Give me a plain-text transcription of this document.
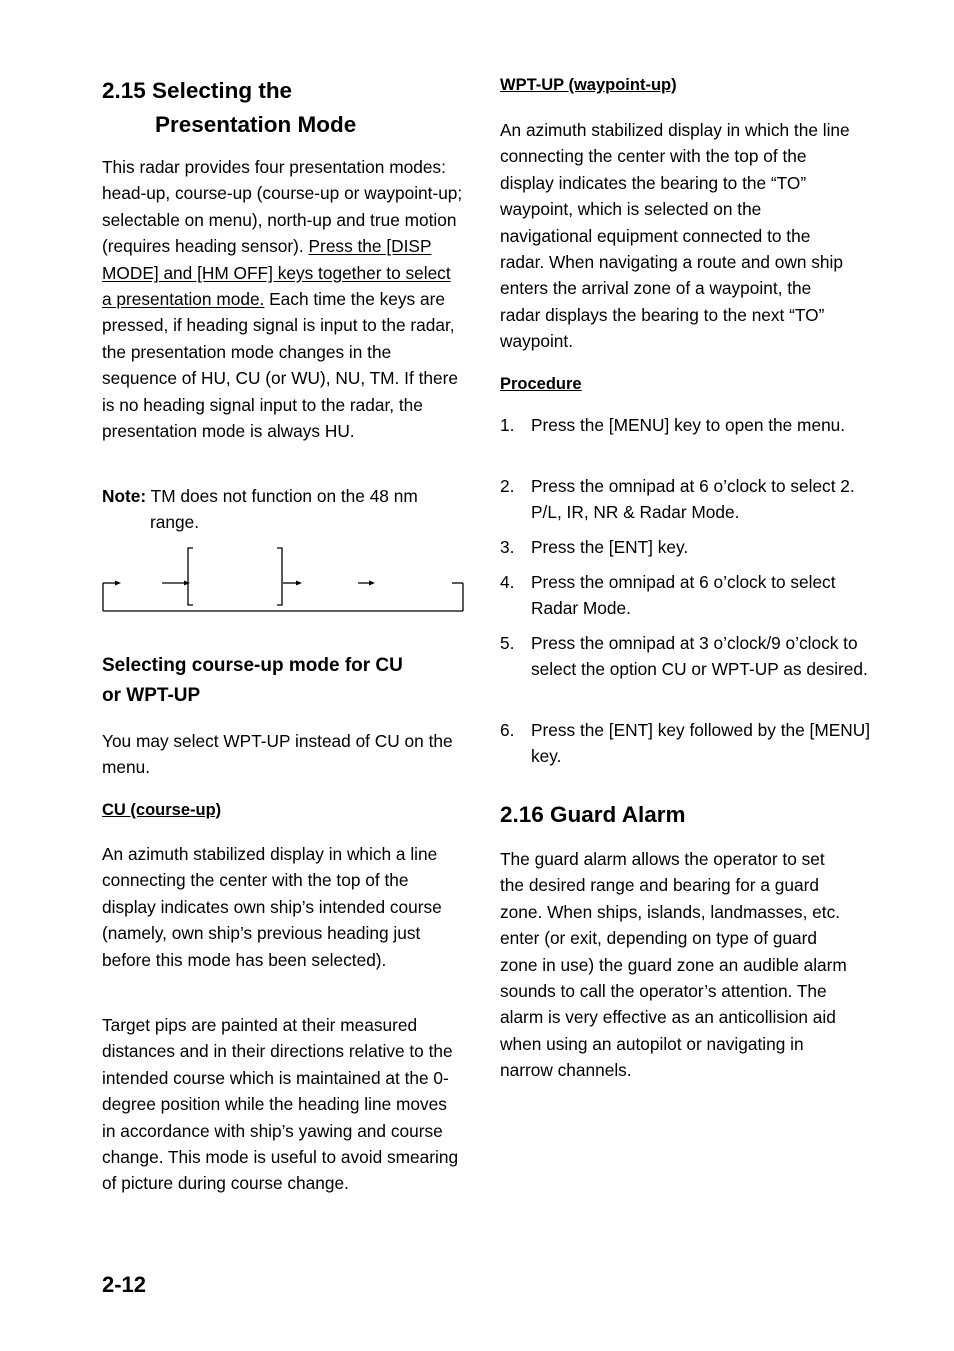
2.15 Selecting the
Presentation Mode

This radar provides four presentation modes: head-up, course-up (course-up or waypoint-up; selectable on menu), north-up and true motion (requires heading sensor). Press the [DISP MODE] and [HM OFF] keys together to select a presentation mode. Each time the keys are pressed, if heading signal is input to the radar, the presentation mode changes in the sequence of HU, CU (or WU), NU, TM. If there is no heading signal input to the radar, the presentation mode is always HU.

Note: TM does not function on the 48 nm
range.
Selecting course-up mode for CU
or WPT-UP

You may select WPT-UP instead of CU on the menu.

CU (course-up)

An azimuth stabilized display in which a line connecting the center with the top of the display indicates own ship’s intended course (namely, own ship’s previous heading just before this mode has been selected).

Target pips are painted at their measured distances and in their directions relative to the intended course which is maintained at the 0-degree position while the heading line moves in accordance with ship’s yawing and course change. This mode is useful to avoid smearing of picture during course change.

WPT-UP (waypoint-up)

An azimuth stabilized display in which the line connecting the center with the top of the display indicates the bearing to the “TO” waypoint, which is selected on the navigational equipment connected to the radar. When navigating a route and own ship enters the arrival zone of a waypoint, the radar displays the bearing to the next “TO” waypoint.

Procedure
1. Press the [MENU] key to open the menu.
2. Press the omnipad at 6 o’clock to select 2. P/L, IR, NR & Radar Mode.
3. Press the [ENT] key.
4. Press the omnipad at 6 o’clock to select Radar Mode.
5. Press the omnipad at 3 o’clock/9 o’clock to select the option CU or WPT-UP as desired.
6. Press the [ENT] key followed by the [MENU] key.
2.16 Guard Alarm

The guard alarm allows the operator to set the desired range and bearing for a guard zone. When ships, islands, landmasses, etc. enter (or exit, depending on type of guard zone in use) the guard zone an audible alarm sounds to call the operator’s attention. The alarm is very effective as an anticollision aid when using an autopilot or navigating in narrow channels.

2-12
